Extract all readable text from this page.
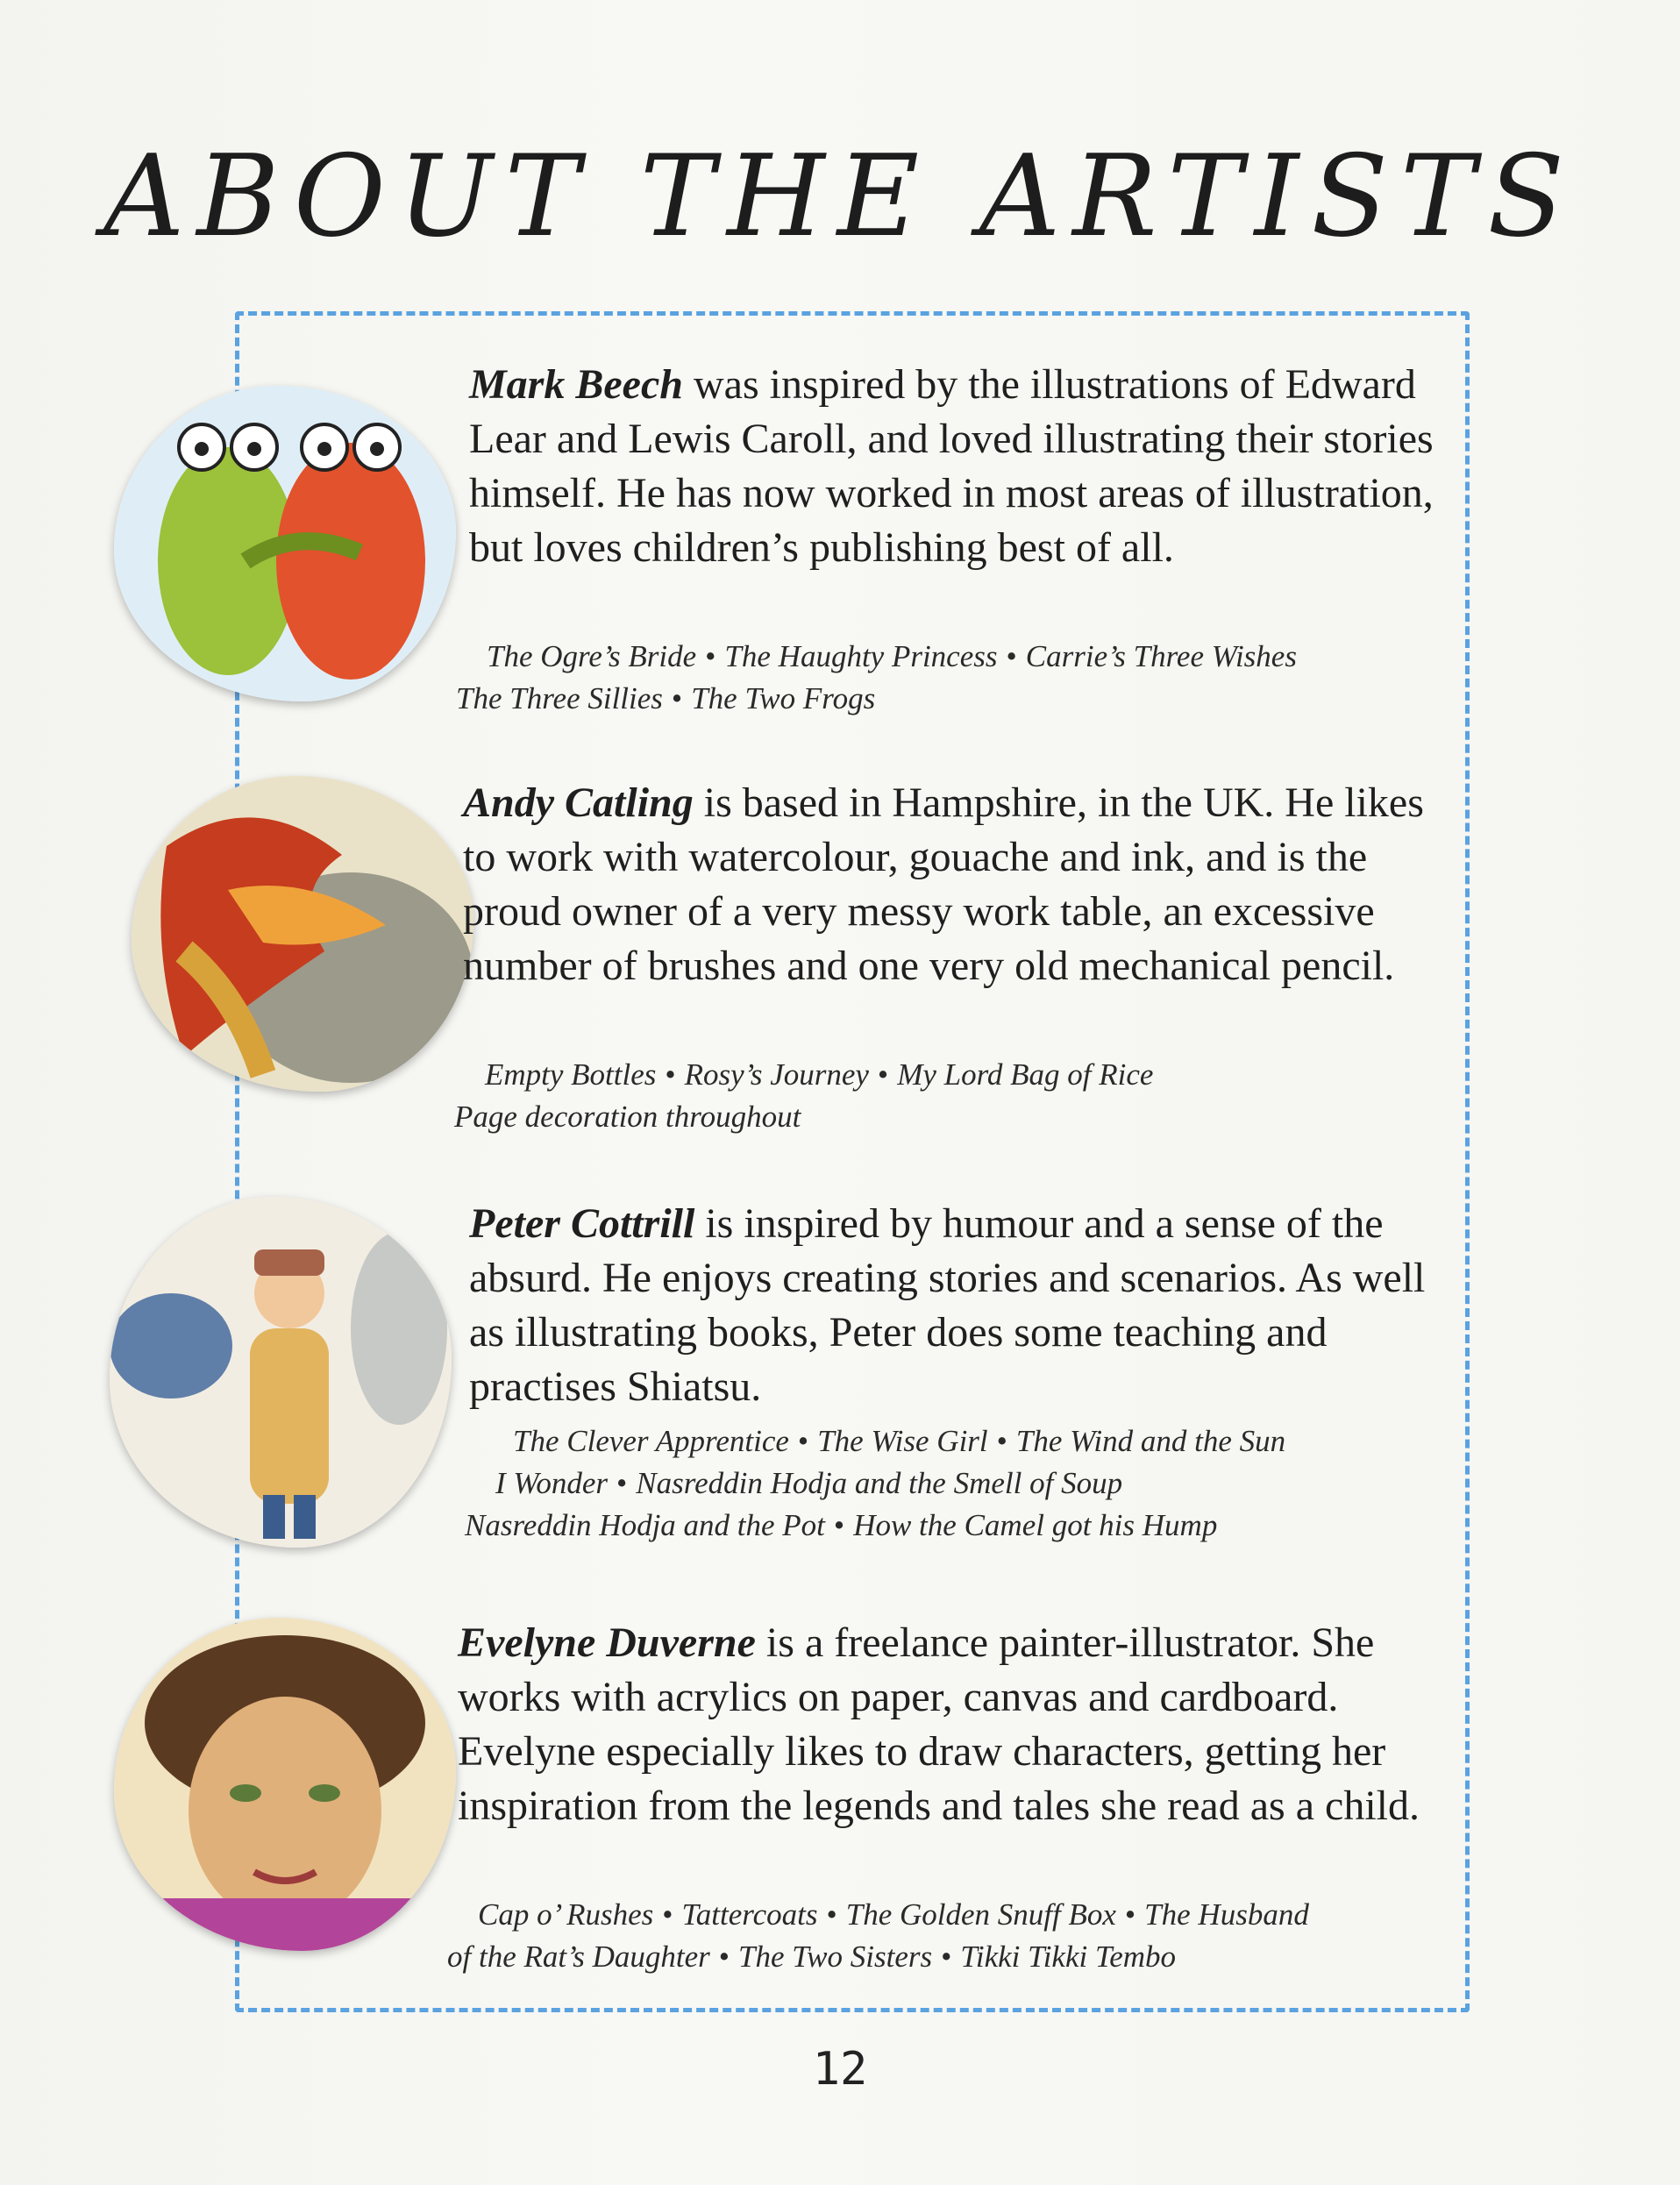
ABOUT THE ARTISTS
Mark Beech was inspired by the illustrations of Edward Lear and Lewis Caroll, and loved illustrating their stories himself. He has now worked in most areas of illustration, but loves children’s publishing best of all.
The Ogre’s Bride • The Haughty Princess • Carrie’s Three Wishes
The Three Sillies • The Two Frogs
Andy Catling is based in Hampshire, in the UK. He likes to work with watercolour, gouache and ink, and is the proud owner of a very messy work table, an excessive number of brushes and one very old mechanical pencil.
Empty Bottles • Rosy’s Journey • My Lord Bag of Rice
Page decoration throughout
Peter Cottrill is inspired by humour and a sense of the absurd. He enjoys creating stories and scenarios. As well as illustrating books, Peter does some teaching and practises Shiatsu.
The Clever Apprentice • The Wise Girl • The Wind and the Sun
I Wonder • Nasreddin Hodja and the Smell of Soup
Nasreddin Hodja and the Pot • How the Camel got his Hump
Evelyne Duverne is a freelance painter-illustrator. She works with acrylics on paper, canvas and cardboard. Evelyne especially likes to draw characters, getting her inspiration from the legends and tales she read as a child.
Cap o’ Rushes • Tattercoats • The Golden Snuff Box • The Husband
of the Rat’s Daughter • The Two Sisters • Tikki Tikki Tembo
12
